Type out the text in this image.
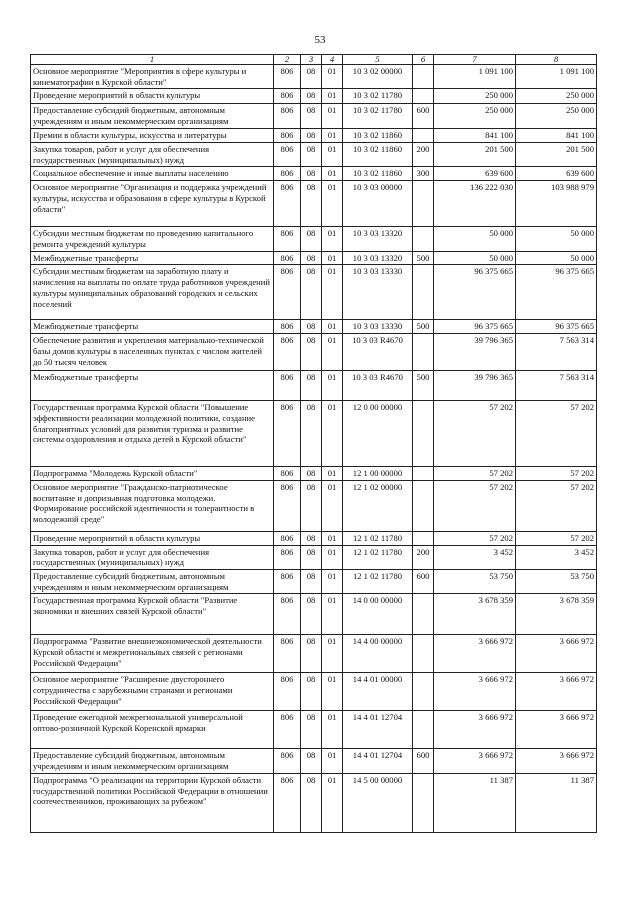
53
1	2	3	4	5	6	7	8
Основное мероприятие "Мероприятия в сфере культуры и кинематографии в Курской области"	806	08	01	10 3 02 00000		1 091 100	1 091 100
Проведение мероприятий в области культуры	806	08	01	10 3 02 11780		250 000	250 000
Предоставление субсидий бюджетным, автономным учреждениям и иным некоммерческим организациям	806	08	01	10 3 02 11780	600	250 000	250 000
Премии в области культуры, искусства и литературы	806	08	01	10 3 02 11860		841 100	841 100
Закупка товаров, работ и услуг для обеспечения государственных (муниципальных) нужд	806	08	01	10 3 02 11860	200	201 500	201 500
Социальное обеспечение и иные выплаты населению	806	08	01	10 3 02 11860	300	639 600	639 600
Основное мероприятие "Организация и поддержка учреждений культуры, искусства и образования в сфере культуры в Курской области"	806	08	01	10 3 03 00000		136 222 030	103 988 979
Субсидии местным бюджетам по проведению капитального ремонта учреждений культуры	806	08	01	10 3 03 13320		50 000	50 000
Межбюджетные трансферты	806	08	01	10 3 03 13320	500	50 000	50 000
Субсидии местным бюджетам на заработную плату и начисления на выплаты по оплате труда работников учреждений культуры муниципальных образований городских и сельских поселений	806	08	01	10 3 03 13330		96 375 665	96 375 665
Межбюджетные трансферты	806	08	01	10 3 03 13330	500	96 375 665	96 375 665
Обеспечение развития и укрепления материально-технической базы домов культуры в населенных пунктах с числом жителей до 50 тысяч человек	806	08	01	10 3 03 R4670		39 796 365	7 563 314
Межбюджетные трансферты	806	08	01	10 3 03 R4670	500	39 796 365	7 563 314
Государственная программа Курской области "Повышение эффективности реализации молодежной политики, создание благоприятных условий для развития туризма и развитие системы оздоровления и отдыха детей в Курской области"	806	08	01	12 0 00 00000		57 202	57 202
Подпрограмма "Молодежь Курской области"	806	08	01	12 1 00 00000		57 202	57 202
Основное мероприятие "Гражданско-патриотическое воспитание и допризывная подготовка молодежи. Формирование российской идентичности и толерантности в молодежной среде"	806	08	01	12 1 02 00000		57 202	57 202
Проведение мероприятий в области культуры	806	08	01	12 1 02 11780		57 202	57 202
Закупка товаров, работ и услуг для обеспечения государственных (муниципальных) нужд	806	08	01	12 1 02 11780	200	3 452	3 452
Предоставление субсидий бюджетным, автономным учреждениям и иным некоммерческим организациям	806	08	01	12 1 02 11780	600	53 750	53 750
Государственная программа Курской области "Развитие экономики и внешних связей Курской области"	806	08	01	14 0 00 00000		3 678 359	3 678 359
Подпрограмма "Развитие внешнеэкономической деятельности Курской области и межрегиональных связей с регионами Российской Федерации"	806	08	01	14 4 00 00000		3 666 972	3 666 972
Основное мероприятие "Расширение двустороннего сотрудничества с зарубежными странами и регионами Российской Федерации"	806	08	01	14 4 01 00000		3 666 972	3 666 972
Проведение ежегодной межрегиональной универсальной оптово-розничной Курской Коренской ярмарки	806	08	01	14 4 01 12704		3 666 972	3 666 972
Предоставление субсидий бюджетным, автономным учреждениям и иным некоммерческим организациям	806	08	01	14 4 01 12704	600	3 666 972	3 666 972
Подпрограмма "О реализации на территории Курской области государственной политики Российской Федерации в отношении соотечественников, проживающих за рубежом"	806	08	01	14 5 00 00000		11 387	11 387
